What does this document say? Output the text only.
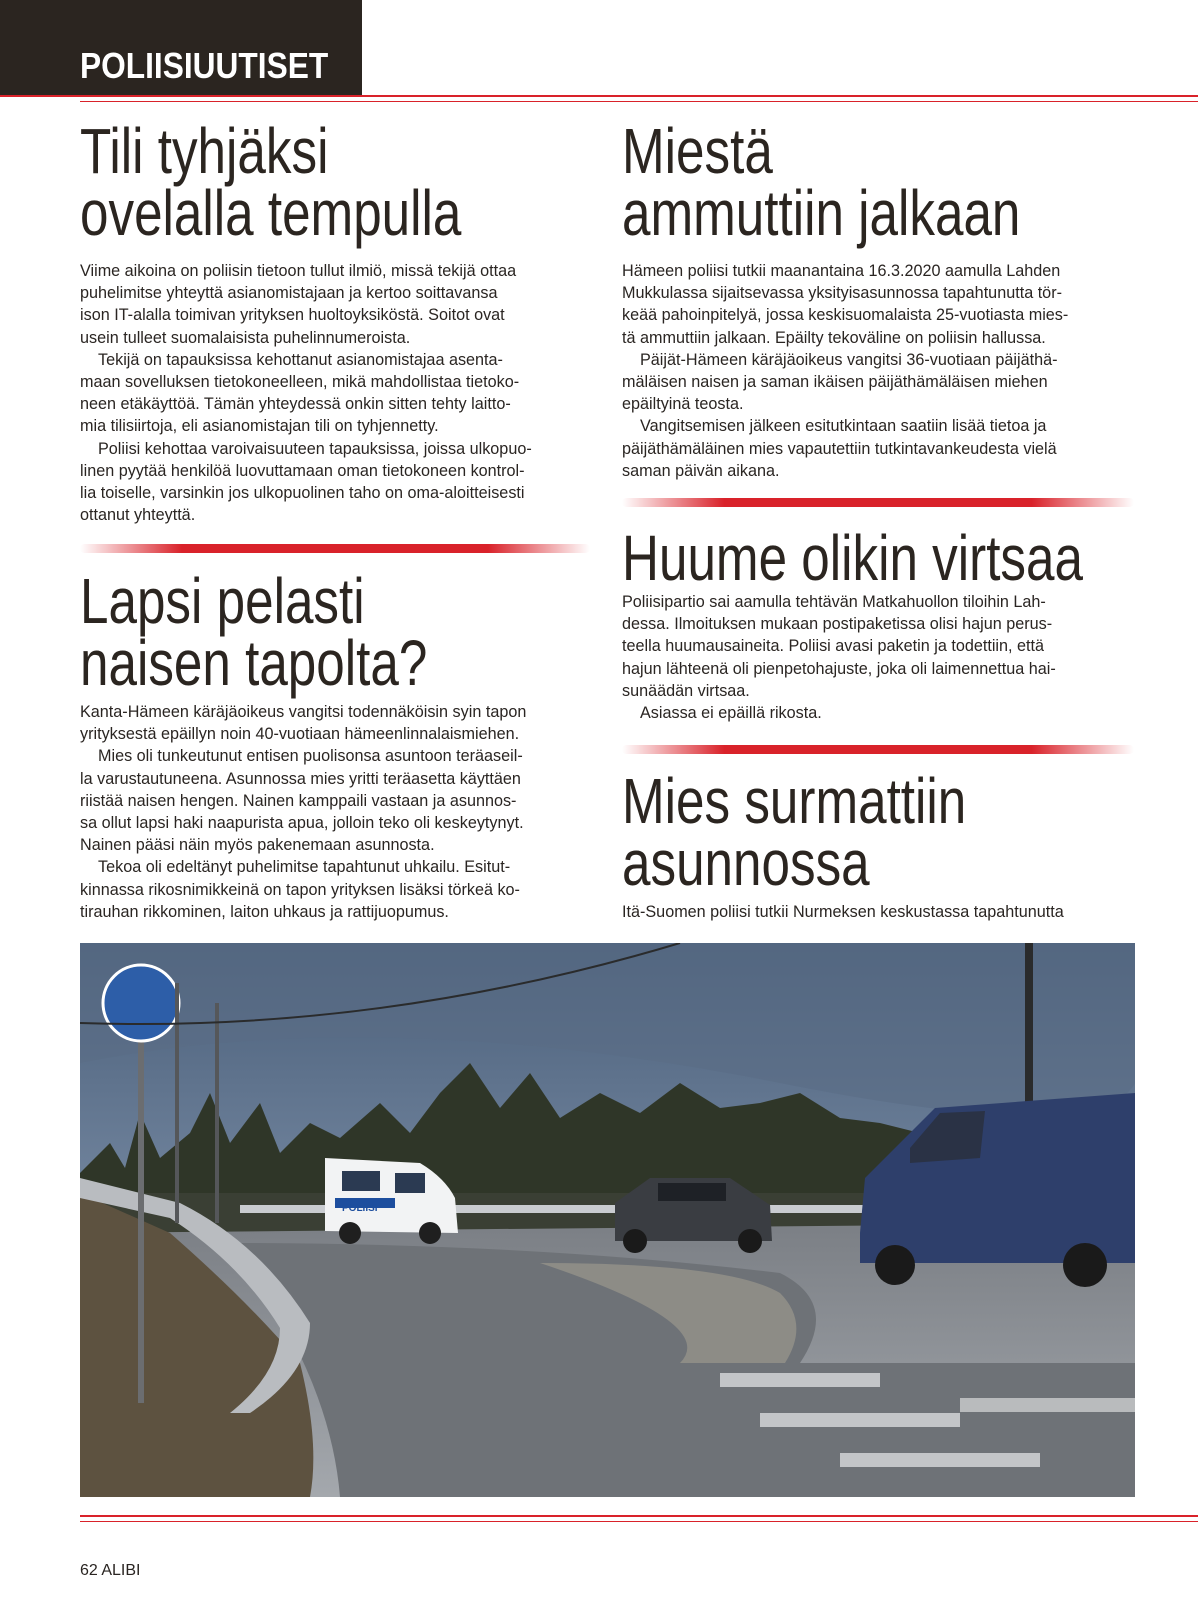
POLIISIUUTISET
Tili tyhjäksi
ovelalla tempulla

Viime aikoina on poliisin tietoon tullut ilmiö, missä tekijä ottaa
puhelimitse yhteyttä asianomistajaan ja kertoo soittavansa
ison IT-alalla toimivan yrityksen huoltoyksiköstä. Soitot ovat
usein tulleet suomalaisista puhelinnumeroista.

Tekijä on tapauksissa kehottanut asianomistajaa asenta-
maan sovelluksen tietokoneelleen, mikä mahdollistaa tietoko-
neen etäkäyttöä. Tämän yhteydessä onkin sitten tehty laitto-
mia tilisiirtoja, eli asianomistajan tili on tyhjennetty.

Poliisi kehottaa varoivaisuuteen tapauksissa, joissa ulkopuo-
linen pyytää henkilöä luovuttamaan oman tietokoneen kontrol-
lia toiselle, varsinkin jos ulkopuolinen taho on oma-aloitteisesti
ottanut yhteyttä.

Lapsi pelasti
naisen tapolta?

Kanta-Hämeen käräjäoikeus vangitsi todennäköisin syin tapon
yrityksestä epäillyn noin 40-vuotiaan hämeenlinnalaismiehen.

Mies oli tunkeutunut entisen puolisonsa asuntoon teräaseil-
la varustautuneena. Asunnossa mies yritti teräasetta käyttäen
riistää naisen hengen. Nainen kamppaili vastaan ja asunnos-
sa ollut lapsi haki naapurista apua, jolloin teko oli keskeytynyt.
Nainen pääsi näin myös pakenemaan asunnosta.

Tekoa oli edeltänyt puhelimitse tapahtunut uhkailu. Esitut-
kinnassa rikosnimikkeinä on tapon yrityksen lisäksi törkeä ko-
tirauhan rikkominen, laiton uhkaus ja rattijuopumus.

Miestä
ammuttiin jalkaan

Hämeen poliisi tutkii maanantaina 16.3.2020 aamulla Lahden
Mukkulassa sijaitsevassa yksityisasunnossa tapahtunutta tör-
keää pahoinpitelyä, jossa keskisuomalaista 25-vuotiasta mies-
tä ammuttiin jalkaan. Epäilty tekoväline on poliisin hallussa.

Päijät-Hämeen käräjäoikeus vangitsi 36-vuotiaan päijäthä-
mäläisen naisen ja saman ikäisen päijäthämäläisen miehen
epäiltyinä teosta.

Vangitsemisen jälkeen esitutkintaan saatiin lisää tietoa ja
päijäthämäläinen mies vapautettiin tutkintavankeudesta vielä
saman päivän aikana.

Huume olikin virtsaa

Poliisipartio sai aamulla tehtävän Matkahuollon tiloihin Lah-
dessa. Ilmoituksen mukaan postipaketissa olisi hajun perus-
teella huumausaineita. Poliisi avasi paketin ja todettiin, että
hajun lähteenä oli pienpetohajuste, joka oli laimennettua hai-
sunäädän virtsaa.

Asiassa ei epäillä rikosta.

Mies surmattiin
asunnossa

Itä-Suomen poliisi tutkii Nurmeksen keskustassa tapahtunutta

POLIISI
62 ALIBI
